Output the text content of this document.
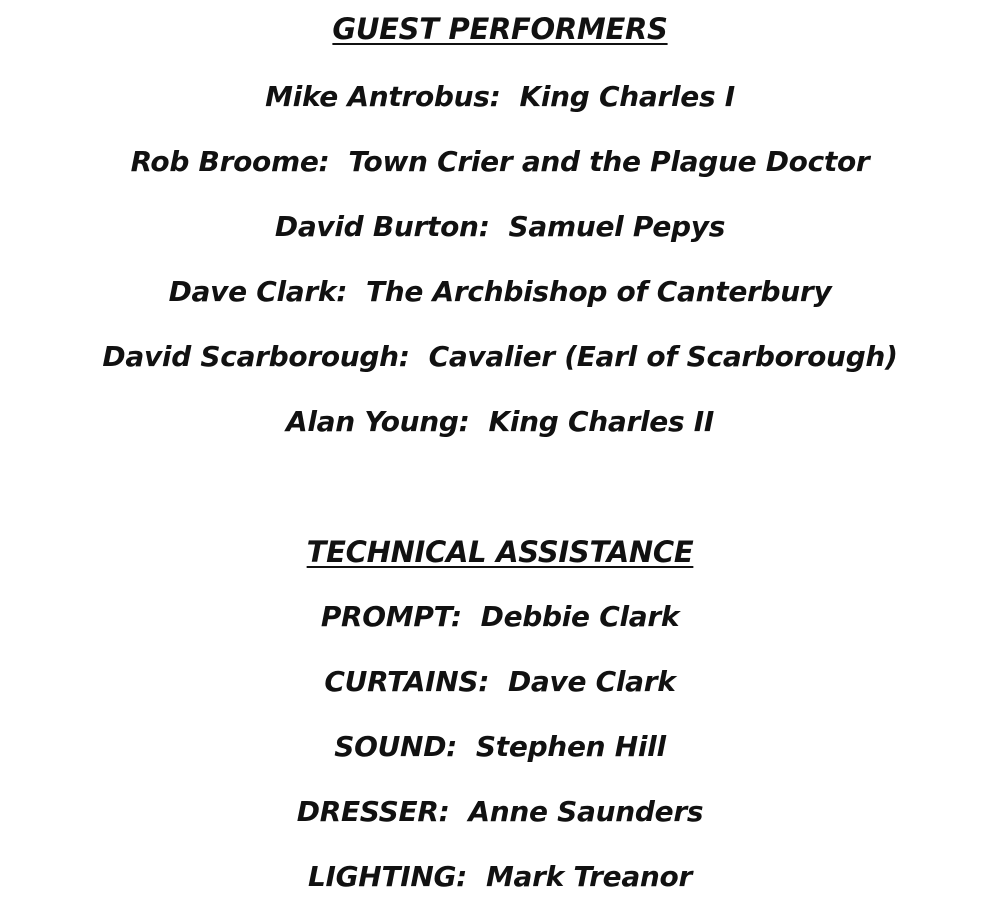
GUEST PERFORMERS
Mike Antrobus:  King Charles I
Rob Broome:  Town Crier and the Plague Doctor
David Burton:  Samuel Pepys
Dave Clark:  The Archbishop of Canterbury
David Scarborough:  Cavalier (Earl of Scarborough)
Alan Young:  King Charles II
TECHNICAL ASSISTANCE
PROMPT:  Debbie Clark
CURTAINS:  Dave Clark
SOUND:  Stephen Hill
DRESSER:  Anne Saunders
LIGHTING:  Mark Treanor
